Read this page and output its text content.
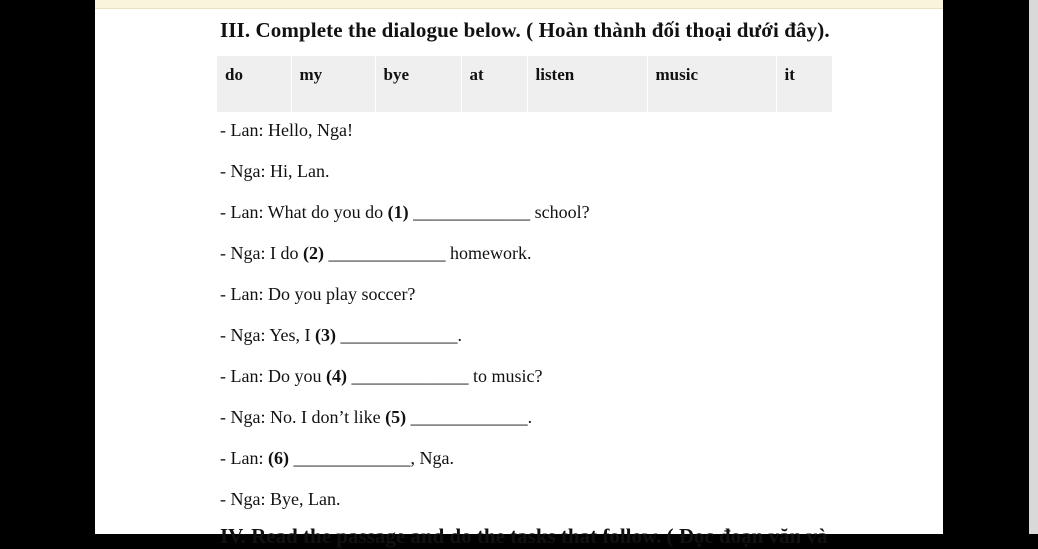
III. Complete the dialogue below. ( Hoàn thành đối thoại dưới đây).
do	my	bye	at	listen	music	it
- Lan: Hello, Nga!
- Nga: Hi, Lan.
- Lan: What do you do (1) _____________ school?
- Nga: I do (2) _____________ homework.
- Lan: Do you play soccer?
- Nga: Yes, I (3) _____________.
- Lan: Do you (4) _____________ to music?
- Nga: No. I don’t like (5) _____________.
- Lan: (6) _____________, Nga.
- Nga: Bye, Lan.
IV. Read the passage and do the tasks that follow. ( Đọc đoạn văn và
